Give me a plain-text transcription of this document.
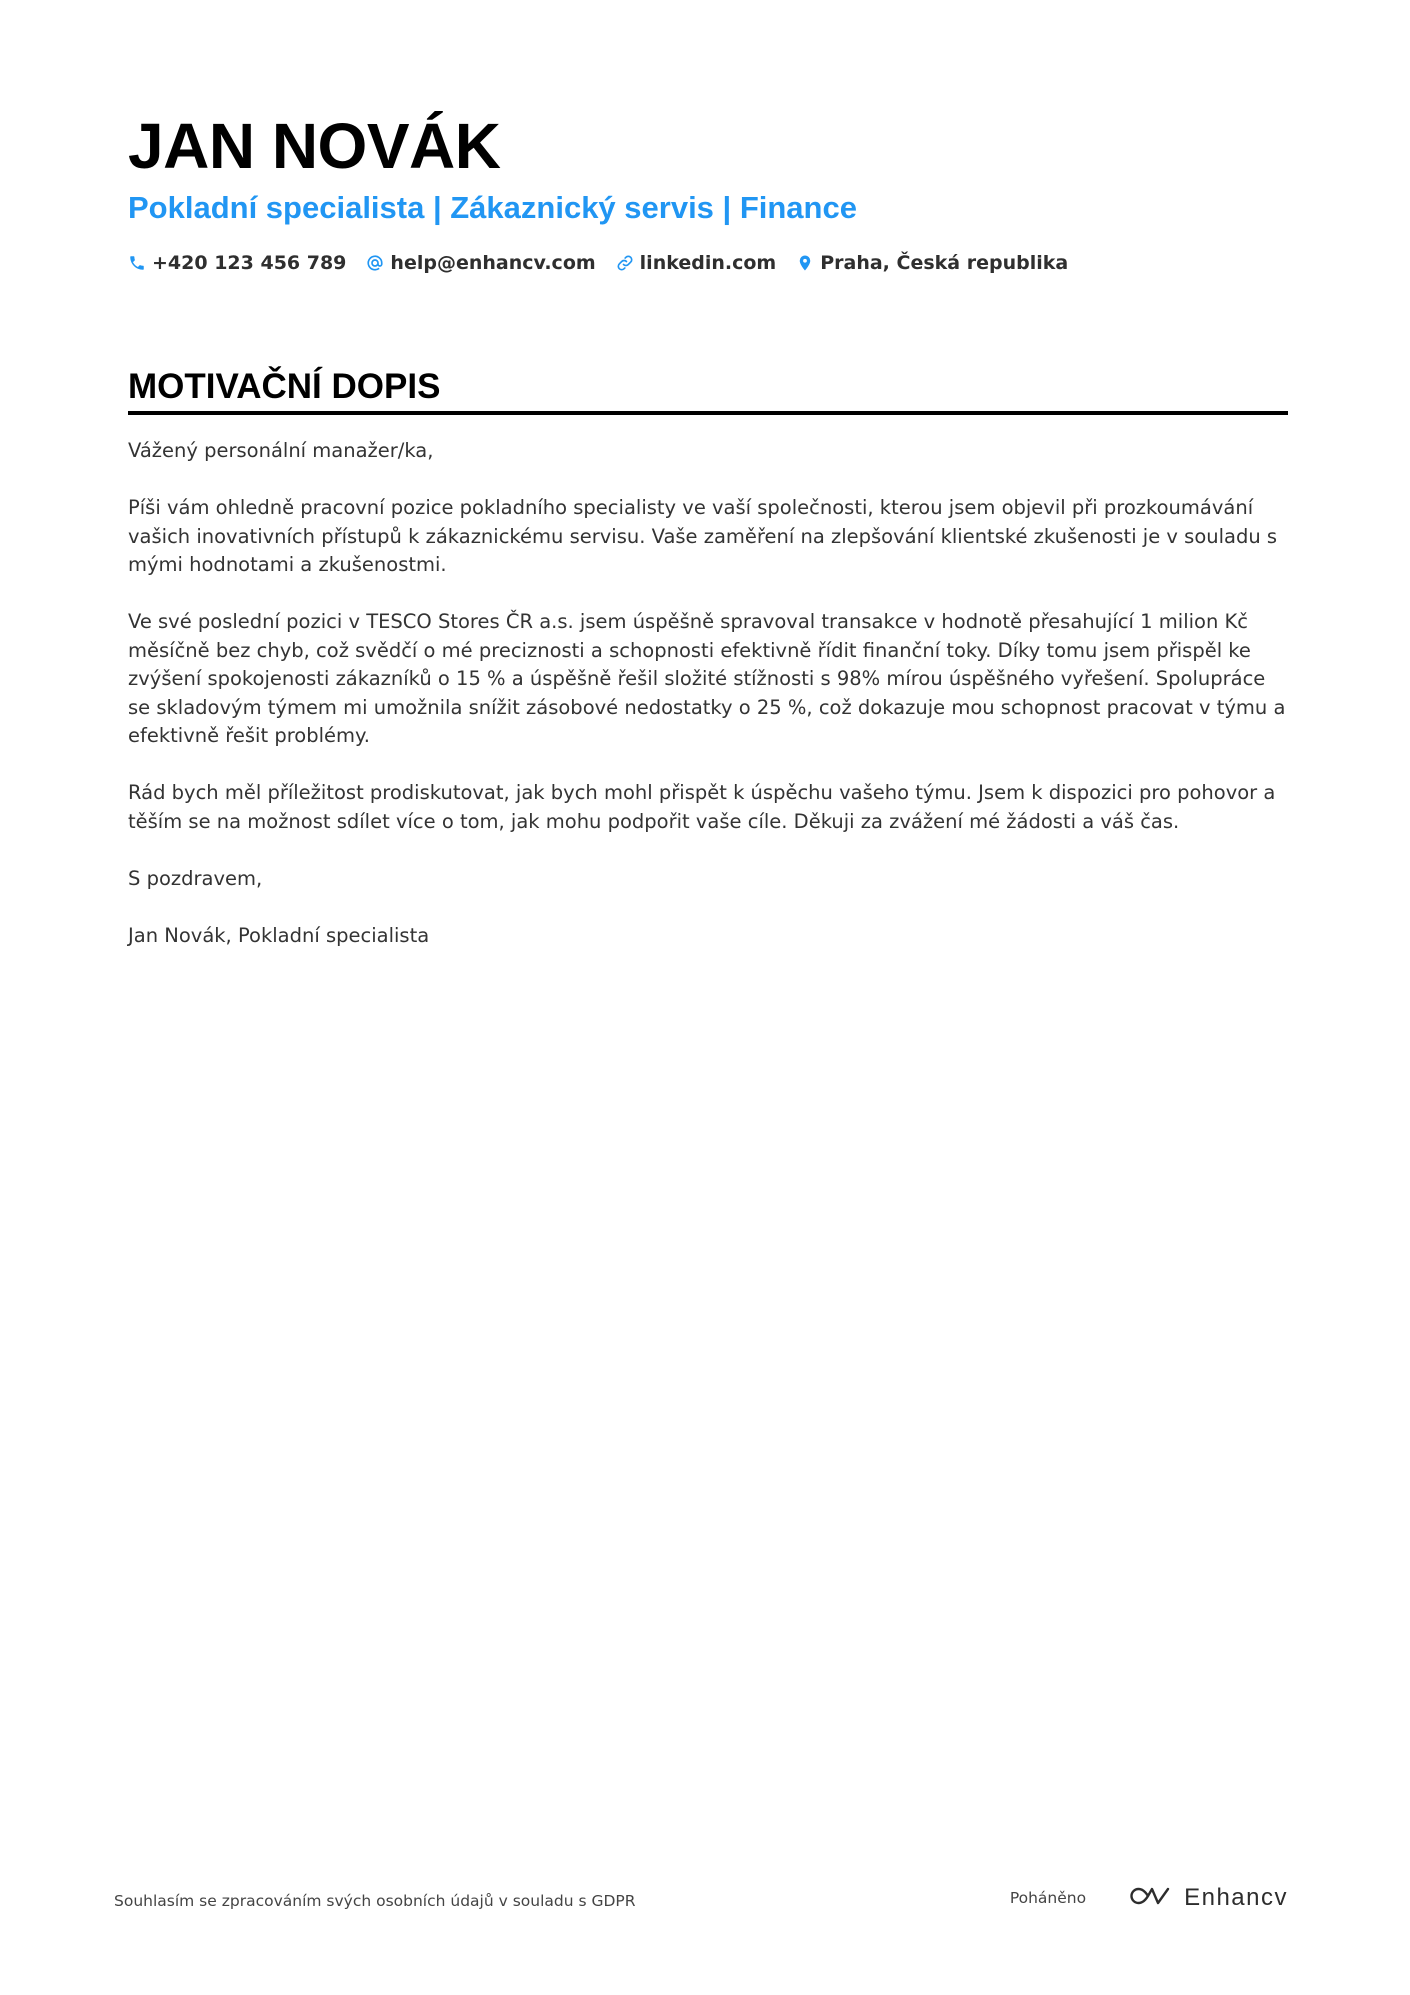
JAN NOVÁK
Pokladní specialista | Zákaznický servis | Finance
+420 123 456 789 help@enhancv.com linkedin.com Praha, Česká republika
MOTIVAČNÍ DOPIS

Vážený personální manažer/ka,

Píši vám ohledně pracovní pozice pokladního specialisty ve vaší společnosti, kterou jsem objevil při prozkoumávání vašich inovativních přístupů k zákaznickému servisu. Vaše zaměření na zlepšování klientské zkušenosti je v souladu s mými hodnotami a zkušenostmi.

Ve své poslední pozici v TESCO Stores ČR a.s. jsem úspěšně spravoval transakce v hodnotě přesahující 1 milion Kč měsíčně bez chyb, což svědčí o mé preciznosti a schopnosti efektivně řídit finanční toky. Díky tomu jsem přispěl ke zvýšení spokojenosti zákazníků o 15 % a úspěšně řešil složité stížnosti s 98% mírou úspěšného vyřešení. Spolupráce se skladovým týmem mi umožnila snížit zásobové nedostatky o 25 %, což dokazuje mou schopnost pracovat v týmu a efektivně řešit problémy.

Rád bych měl příležitost prodiskutovat, jak bych mohl přispět k úspěchu vašeho týmu. Jsem k dispozici pro pohovor a těším se na možnost sdílet více o tom, jak mohu podpořit vaše cíle. Děkuji za zvážení mé žádosti a váš čas.

S pozdravem,

Jan Novák, Pokladní specialista

Souhlasím se zpracováním svých osobních údajů v souladu s GDPR	Poháněno	Enhancv
